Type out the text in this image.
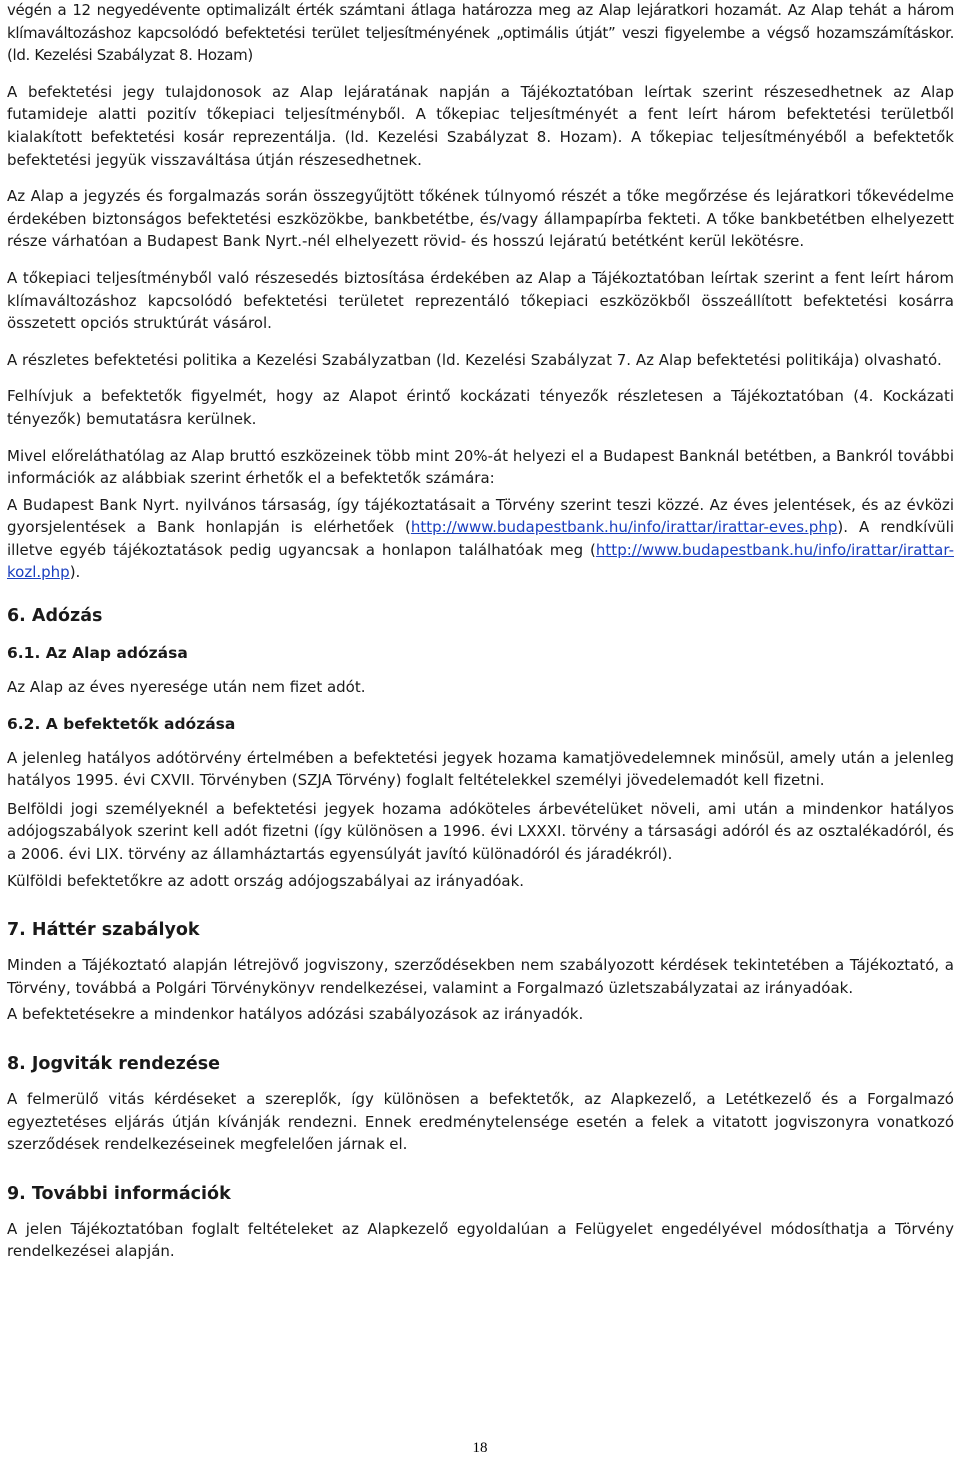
végén a 12 negyedévente optimalizált érték számtani átlaga határozza meg az Alap lejáratkori hozamát. Az Alap tehát a három klímaváltozáshoz kapcsolódó befektetési terület teljesítményének „optimális útját” veszi figyelembe a végső hozamszámításkor. (ld. Kezelési Szabályzat 8. Hozam)

A befektetési jegy tulajdonosok az Alap lejáratának napján a Tájékoztatóban leírtak szerint részesedhetnek az Alap futamideje alatti pozitív tőkepiaci teljesítményből. A tőkepiac teljesítményét a fent leírt három befektetési területből kialakított befektetési kosár reprezentálja. (ld. Kezelési Szabályzat 8. Hozam). A tőkepiac teljesítményéből a befektetők befektetési jegyük visszaváltása útján részesedhetnek.

Az Alap a jegyzés és forgalmazás során összegyűjtött tőkének túlnyomó részét a tőke megőrzése és lejáratkori tőkevédelme érdekében biztonságos befektetési eszközökbe, bankbetétbe, és/vagy állampapírba fekteti. A tőke bankbetétben elhelyezett része várhatóan a Budapest Bank Nyrt.-nél elhelyezett rövid- és hosszú lejáratú betétként kerül lekötésre.

A tőkepiaci teljesítményből való részesedés biztosítása érdekében az Alap a Tájékoztatóban leírtak szerint a fent leírt három klímaváltozáshoz kapcsolódó befektetési területet reprezentáló tőkepiaci eszközökből összeállított befektetési kosárra összetett opciós struktúrát vásárol.

A részletes befektetési politika a Kezelési Szabályzatban (ld. Kezelési Szabályzat 7. Az Alap befektetési politikája) olvasható.

Felhívjuk a befektetők figyelmét, hogy az Alapot érintő kockázati tényezők részletesen a Tájékoztatóban (4. Kockázati tényezők) bemutatásra kerülnek.

Mivel előreláthatólag az Alap bruttó eszközeinek több mint 20%-át helyezi el a Budapest Banknál betétben, a Bankról további információk az alábbiak szerint érhetők el a befektetők számára:

A Budapest Bank Nyrt. nyilvános társaság, így tájékoztatásait a Törvény szerint teszi közzé. Az éves jelentések, és az évközi gyorsjelentések a Bank honlapján is elérhetőek (http://www.budapestbank.hu/info/irattar/irattar-eves.php). A rendkívüli illetve egyéb tájékoztatások pedig ugyancsak a honlapon találhatóak meg (http://www.budapestbank.hu/info/irattar/irattar-kozl.php).

6. Adózás
6.1. Az Alap adózása

Az Alap az éves nyeresége után nem fizet adót.

6.2. A befektetők adózása

A jelenleg hatályos adótörvény értelmében a befektetési jegyek hozama kamatjövedelemnek minősül, amely után a jelenleg hatályos 1995. évi CXVII. Törvényben (SZJA Törvény) foglalt feltételekkel személyi jövedelemadót kell fizetni.

Belföldi jogi személyeknél a befektetési jegyek hozama adóköteles árbevételüket növeli, ami után a mindenkor hatályos adójogszabályok szerint kell adót fizetni (így különösen a 1996. évi LXXXI. törvény a társasági adóról és az osztalékadóról, és a 2006. évi LIX. törvény az államháztartás egyensúlyát javító különadóról és járadékról).

Külföldi befektetőkre az adott ország adójogszabályai az irányadóak.

7. Háttér szabályok

Minden a Tájékoztató alapján létrejövő jogviszony, szerződésekben nem szabályozott kérdések tekintetében a Tájékoztató, a Törvény, továbbá a Polgári Törvénykönyv rendelkezései, valamint a Forgalmazó üzletszabályzatai az irányadóak.

A befektetésekre a mindenkor hatályos adózási szabályozások az irányadók.

8. Jogviták rendezése

A felmerülő vitás kérdéseket a szereplők, így különösen a befektetők, az Alapkezelő, a Letétkezelő és a Forgalmazó egyeztetéses eljárás útján kívánják rendezni. Ennek eredménytelensége esetén a felek a vitatott jogviszonyra vonatkozó szerződések rendelkezéseinek megfelelően járnak el.

9. További információk

A jelen Tájékoztatóban foglalt feltételeket az Alapkezelő egyoldalúan a Felügyelet engedélyével módosíthatja a Törvény rendelkezései alapján.

18
